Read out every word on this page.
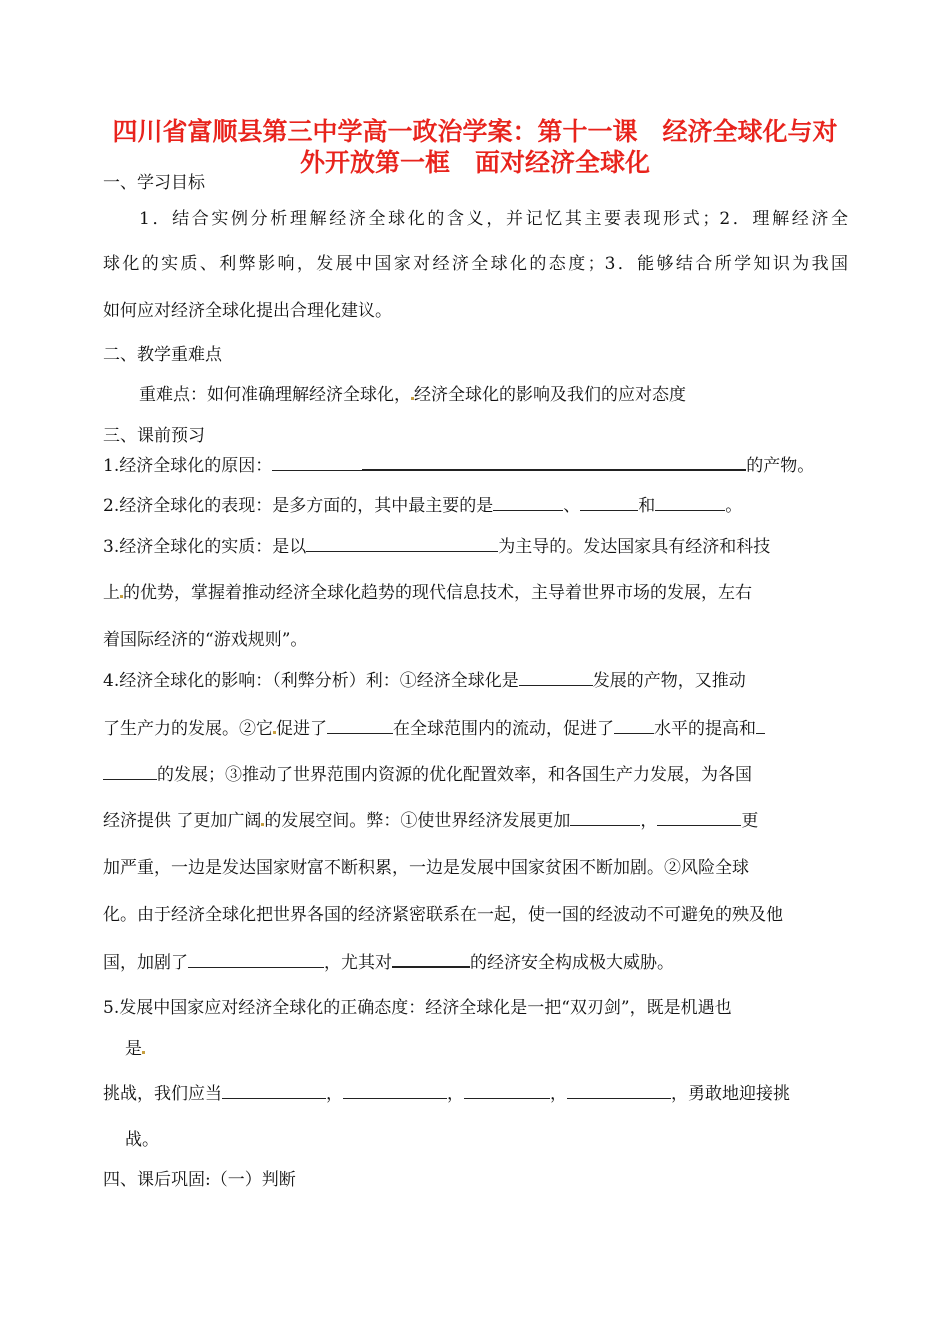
四川省富顺县第三中学高一政治学案：第十一课　经济全球化与对
外开放第一框　面对经济全球化
一、学习目标
1．结合实例分析理解经济全球化的含义，并记忆其主要表现形式；2．理解经济全
球化的实质、利弊影响，发展中国家对经济全球化的态度；3．能够结合所学知识为我国
如何应对经济全球化提出合理化建议。
二、教学重难点
重难点：如何准确理解经济全球化， 经济全球化的影响及我们的应对态度
三、课前预习
1.经济全球化的原因：	的产物。
2.经济全球化的表现：是多方面的，其中最主要的是	、	和	。
3.经济全球化的实质：是以	为主导的。发达国家具有经济和科技
上 的优势，掌握着推动经济全球化趋势的现代信息技术，主导着世界市场的发展，左右
着国际经济的“游戏规则”。
4.经济全球化的影响：（利弊分析）利：①经济全球化是	发展的产物，又推动
了生产力的发展。②它 促进了	在全球范围内的流动，促进了 水平的提高和
的发展；③推动了世界范围内资源的优化配置效率，和各国生产力发展，为各国
经济提供 了更加广阔 的发展空间。弊：①使世界经济发展更加	，	更
加严重，一边是发达国家财富不断积累，一边是发展中国家贫困不断加剧。②风险全球
化。由于经济全球化把世界各国的经济紧密联系在一起，使一国的经波动不可避免的殃及他
国，加剧了	，尤其对	的经济安全构成极大威胁。
5.发展中国家应对经济全球化的正确态度：经济全球化是一把“双刃剑”，既是机遇也
是
挑战，我们应当	，	，	，	，勇敢地迎接挑
战。
四、课后巩固:（一）判断
